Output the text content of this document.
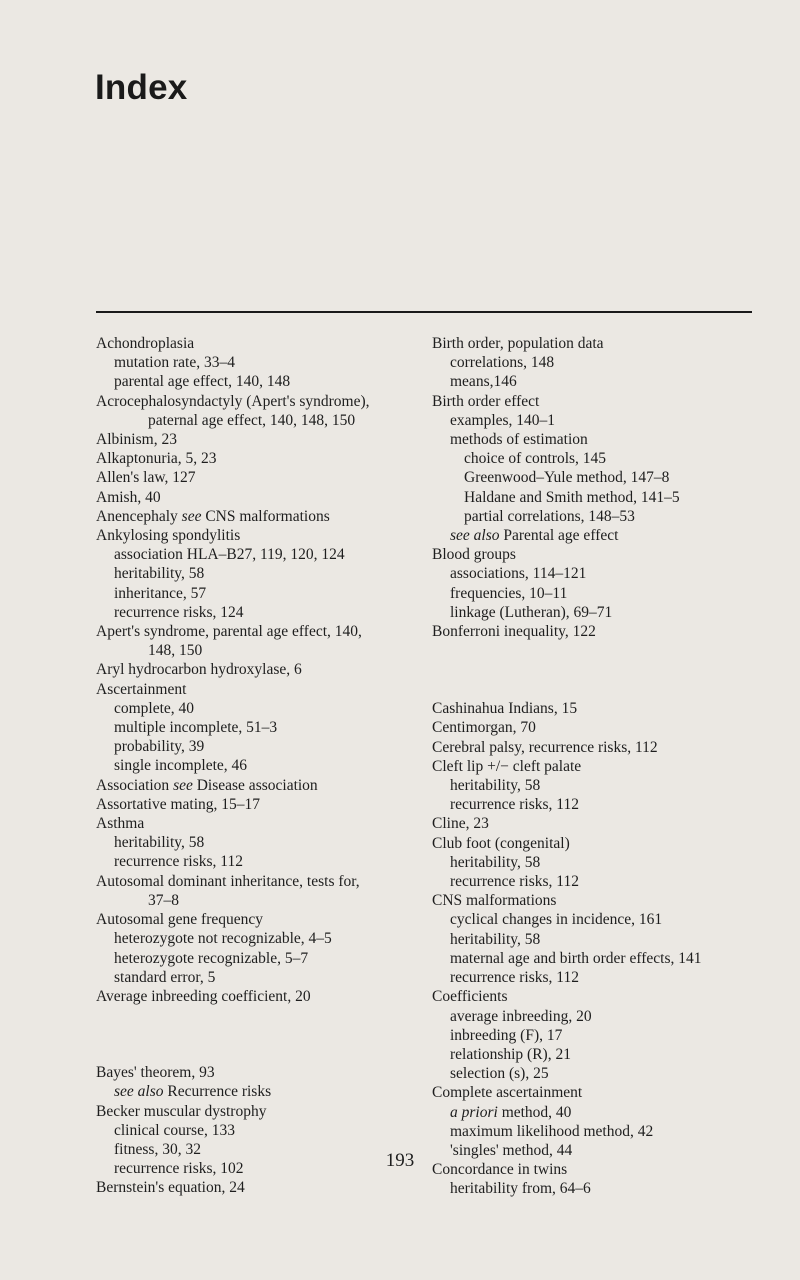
Index
Achondroplasia
mutation rate, 33–4
parental age effect, 140, 148
Acrocephalosyndactyly (Apert's syndrome),
paternal age effect, 140, 148, 150
Albinism, 23
Alkaptonuria, 5, 23
Allen's law, 127
Amish, 40
Anencephaly see CNS malformations
Ankylosing spondylitis
association HLA–B27, 119, 120, 124
heritability, 58
inheritance, 57
recurrence risks, 124
Apert's syndrome, parental age effect, 140,
148, 150
Aryl hydrocarbon hydroxylase, 6
Ascertainment
complete, 40
multiple incomplete, 51–3
probability, 39
single incomplete, 46
Association see Disease association
Assortative mating, 15–17
Asthma
heritability, 58
recurrence risks, 112
Autosomal dominant inheritance, tests for,
37–8
Autosomal gene frequency
heterozygote not recognizable, 4–5
heterozygote recognizable, 5–7
standard error, 5
Average inbreeding coefficient, 20
Bayes' theorem, 93
see also Recurrence risks
Becker muscular dystrophy
clinical course, 133
fitness, 30, 32
recurrence risks, 102
Bernstein's equation, 24
Birth order, population data
correlations, 148
means,146
Birth order effect
examples, 140–1
methods of estimation
choice of controls, 145
Greenwood–Yule method, 147–8
Haldane and Smith method, 141–5
partial correlations, 148–53
see also Parental age effect
Blood groups
associations, 114–121
frequencies, 10–11
linkage (Lutheran), 69–71
Bonferroni inequality, 122
Cashinahua Indians, 15
Centimorgan, 70
Cerebral palsy, recurrence risks, 112
Cleft lip +/− cleft palate
heritability, 58
recurrence risks, 112
Cline, 23
Club foot (congenital)
heritability, 58
recurrence risks, 112
CNS malformations
cyclical changes in incidence, 161
heritability, 58
maternal age and birth order effects, 141
recurrence risks, 112
Coefficients
average inbreeding, 20
inbreeding (F), 17
relationship (R), 21
selection (s), 25
Complete ascertainment
a priori method, 40
maximum likelihood method, 42
'singles' method, 44
Concordance in twins
heritability from, 64–6
193
